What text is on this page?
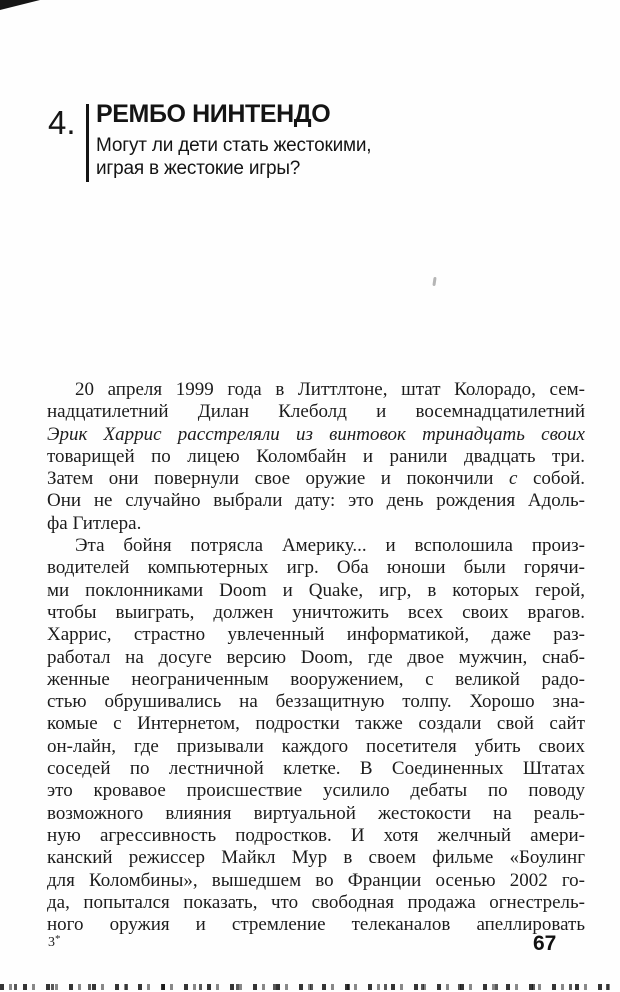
4. РЕМБО НИНТЕНДО
Могут ли дети стать жестокими,
играя в жестокие игры?
20 апреля 1999 года в Литтлтоне, штат Колорадо, сем-
надцатилетний Дилан Клеболд и восемнадцатилетний
Эрик Харрис расстреляли из винтовок тринадцать своих
товарищей по лицею Коломбайн и ранили двадцать три.
Затем они повернули свое оружие и покончили с собой.
Они не случайно выбрали дату: это день рождения Адоль-
фа Гитлера.
Эта бойня потрясла Америку... и всполошила произ-
водителей компьютерных игр. Оба юноши были горячи-
ми поклонниками Doom и Quake, игр, в которых герой,
чтобы выиграть, должен уничтожить всех своих врагов.
Харрис, страстно увлеченный информатикой, даже раз-
работал на досуге версию Doom, где двое мужчин, снаб-
женные неограниченным вооружением, с великой радо-
стью обрушивались на беззащитную толпу. Хорошо зна-
комые с Интернетом, подростки также создали свой сайт
он-лайн, где призывали каждого посетителя убить своих
соседей по лестничной клетке. В Соединенных Штатах
это кровавое происшествие усилило дебаты по поводу
возможного влияния виртуальной жестокости на реаль-
ную агрессивность подростков. И хотя желчный амери-
канский режиссер Майкл Мур в своем фильме «Боулинг
для Коломбины», вышедшем во Франции осенью 2002 го-
да, попытался показать, что свободная продажа огнестрель-
ного оружия и стремление телеканалов апеллировать
3*	67
